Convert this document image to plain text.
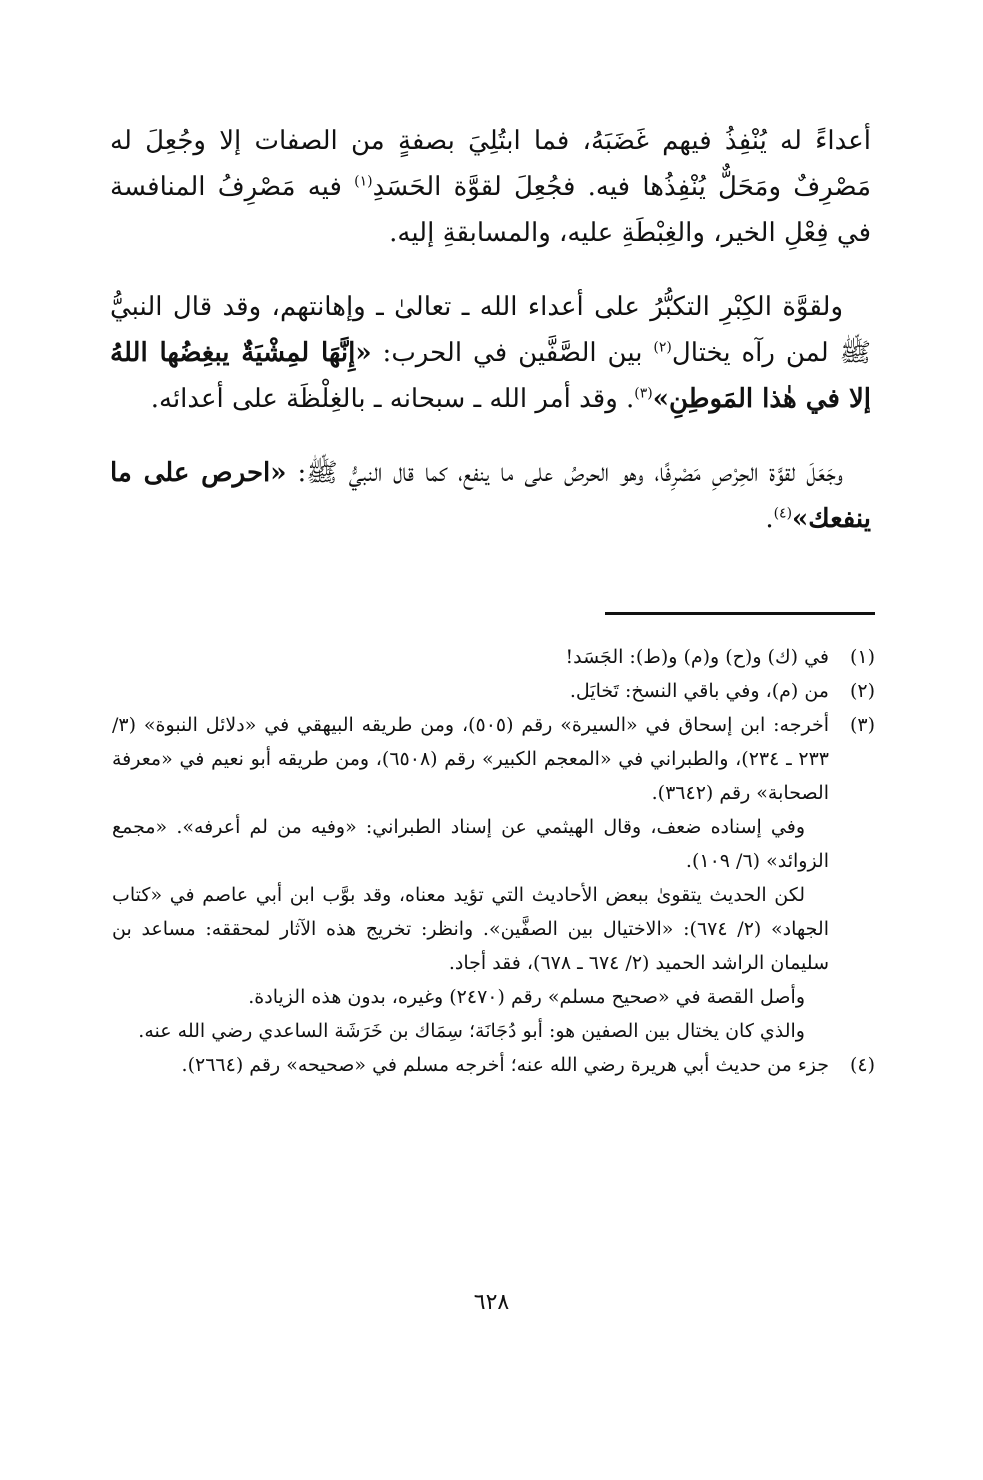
أعداءً له يُنْفِذُ فيهم غَضَبَهُ، فما ابتُلِيَ بصفةٍ من الصفات إلا وجُعِلَ له مَصْرِفٌ ومَحَلٌّ يُنْفِذُها فيه. فجُعِلَ لقوَّة الحَسَدِ$^{(١)}$ فيه مَصْرِفُ المنافسة في فِعْلِ الخير، والغِبْطَةِ عليه، والمسابقةِ إليه.

ولقوَّة الكِبْرِ التكبُّرُ على أعداء الله ـ تعالىٰ ـ وإهانتهم، وقد قال النبيُّ ﷺ لمن رآه يختال$^{(٢)}$ بين الصَّفَّين في الحرب: «إِنَّهَا لمِشْيَةٌ يبغِضُها اللهُ إلا في هٰذا المَوطِنِ»$^{(٣)}$. وقد أمر الله ـ سبحانه ـ بالغِلْظَة على أعدائه.

وجَعَلَ لقوَّة الحِرْصِ مَصْرِفًا، وهو الحرصُ على ما ينفع، كما قال النبيُّ ﷺ: «احرص على ما ينفعك»$^{(٤)}$.

(١)

في (ك) و(ح) و(م) و(ط): الجَسَد!

(٢)

من (م)، وفي باقي النسخ: تَخايَل.

(٣)

أخرجه: ابن إسحاق في «السيرة» رقم (٥٠٥)، ومن طريقه البيهقي في «دلائل النبوة» (٣/ ٢٣٣ ـ ٢٣٤)، والطبراني في «المعجم الكبير» رقم (٦٥٠٨)، ومن طريقه أبو نعيم في «معرفة الصحابة» رقم (٣٦٤٢).

وفي إسناده ضعف، وقال الهيثمي عن إسناد الطبراني: «وفيه من لم أعرفه». «مجمع الزوائد» (٦/ ١٠٩).

لكن الحديث يتقوىٰ ببعض الأحاديث التي تؤيد معناه، وقد بوَّب ابن أبي عاصم في «كتاب الجهاد» (٢/ ٦٧٤): «الاختيال بين الصفَّين». وانظر: تخريج هذه الآثار لمحققه: مساعد بن سليمان الراشد الحميد (٢/ ٦٧٤ ـ ٦٧٨)، فقد أجاد.

وأصل القصة في «صحيح مسلم» رقم (٢٤٧٠) وغيره، بدون هذه الزيادة.

والذي كان يختال بين الصفين هو: أبو دُجَانَة؛ سِمَاك بن خَرَشَة الساعدي رضي الله عنه.

(٤)

جزء من حديث أبي هريرة رضي الله عنه؛ أخرجه مسلم في «صحيحه» رقم (٢٦٦٤).

٦٢٨
